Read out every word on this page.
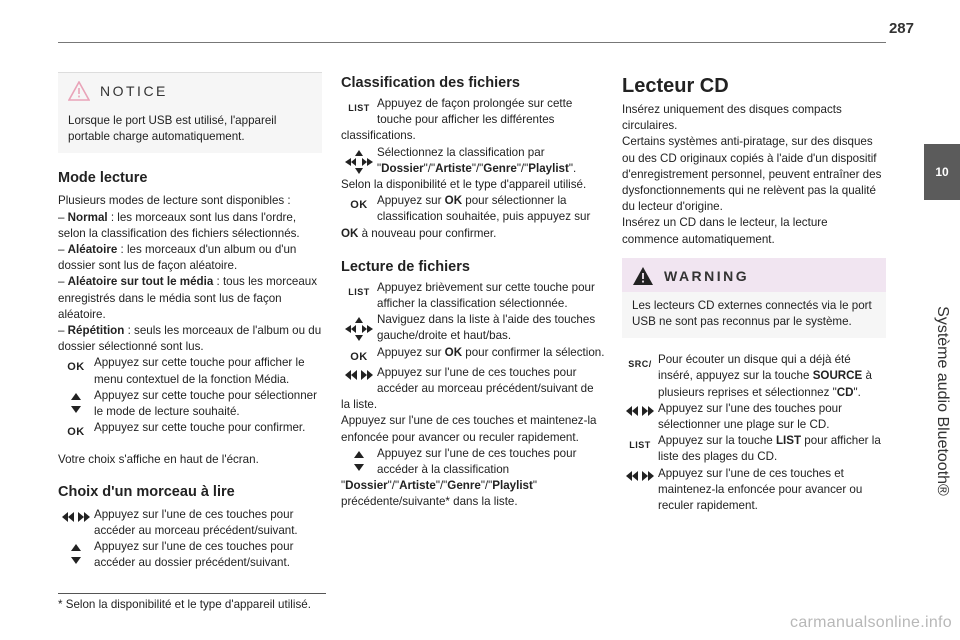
287
10
Système audio Bluetooth®
NOTICE
Lorsque le port USB est utilisé, l'appareil portable charge automatiquement.
Mode lecture

Plusieurs modes de lecture sont disponibles :

– Normal : les morceaux sont lus dans l'ordre, selon la classification des fichiers sélectionnés.

– Aléatoire : les morceaux d'un album ou d'un dossier sont lus de façon aléatoire.

– Aléatoire sur tout le média : tous les morceaux enregistrés dans le média sont lus de façon aléatoire.

– Répétition : seuls les morceaux de l'album ou du dossier sélectionné sont lus.

OK Appuyez sur cette touche pour afficher le menu contextuel de la fonction Média.

Appuyez sur cette touche pour sélectionner le mode de lecture souhaité.

OK Appuyez sur cette touche pour confirmer.

Votre choix s'affiche en haut de l'écran.

Choix d'un morceau à lire

Appuyez sur l'une de ces touches pour accéder au morceau précédent/suivant.

Appuyez sur l'une de ces touches pour accéder au dossier précédent/suivant.

* Selon la disponibilité et le type d'appareil utilisé.
Classification des fichiers
LIST Appuyez de façon prolongée sur cette touche pour afficher les différentes

classifications.

Sélectionnez la classification par "Dossier"/"Artiste"/"Genre"/"Playlist".

Selon la disponibilité et le type d'appareil utilisé.

OK Appuyez sur OK pour sélectionner la classification souhaitée, puis appuyez sur

OK à nouveau pour confirmer.

Lecture de fichiers
LIST Appuyez brièvement sur cette touche pour afficher la classification sélectionnée.

Naviguez dans la liste à l'aide des touches gauche/droite et haut/bas.

OK Appuyez sur OK pour confirmer la sélection.

Appuyez sur l'une de ces touches pour accéder au morceau précédent/suivant de

la liste.

Appuyez sur l'une de ces touches et maintenez-la enfoncée pour avancer ou reculer rapidement.

Appuyez sur l'une de ces touches pour accéder à la classification

"Dossier"/"Artiste"/"Genre"/"Playlist" précédente/suivante* dans la liste.

Lecteur CD

Insérez uniquement des disques compacts circulaires.

Certains systèmes anti-piratage, sur des disques ou des CD originaux copiés à l'aide d'un dispositif d'enregistrement personnel, peuvent entraîner des dysfonctionnements qui ne relèvent pas la qualité du lecteur d'origine.

Insérez un CD dans le lecteur, la lecture commence automatiquement.

WARNING
Les lecteurs CD externes connectés via le port USB ne sont pas reconnus par le système.
SRC/ Pour écouter un disque qui a déjà été inséré, appuyez sur la touche SOURCE à plusieurs reprises et sélectionnez "CD".

Appuyez sur l'une des touches pour sélectionner une plage sur le CD.

LIST Appuyez sur la touche LIST pour afficher la liste des plages du CD.

Appuyez sur l'une de ces touches et maintenez-la enfoncée pour avancer ou reculer rapidement.

carmanualsonline.info
